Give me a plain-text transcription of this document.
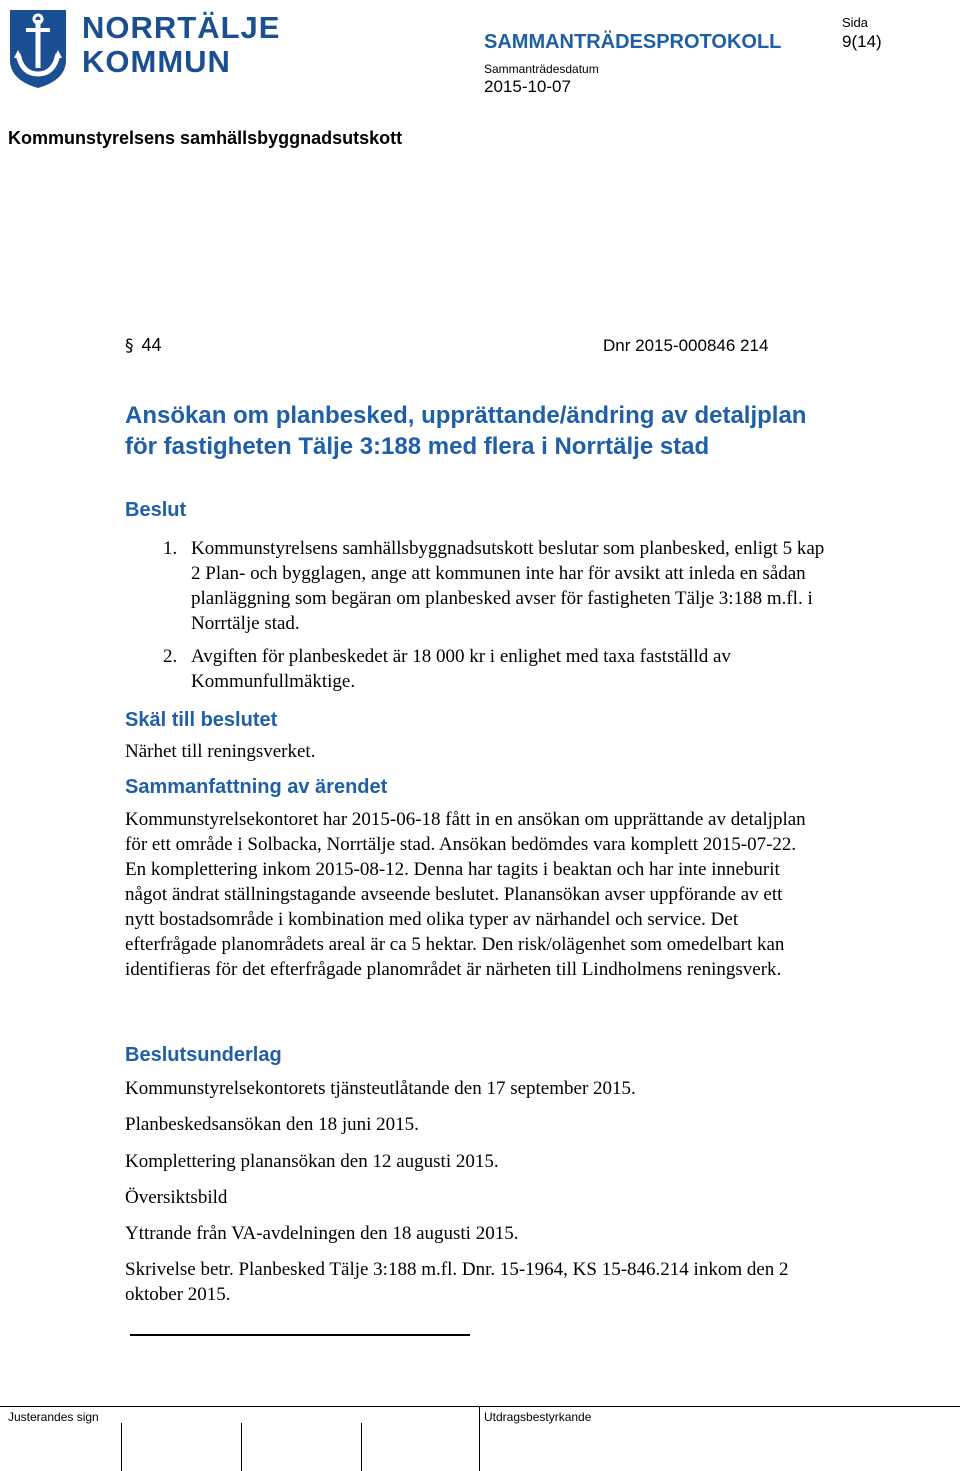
NORRTÄLJE
KOMMUN
SAMMANTRÄDESPROTOKOLL
Sida
9(14)
Sammanträdesdatum
2015-10-07
Kommunstyrelsens samhällsbyggnadsutskott
§ 44	Dnr 2015-000846 214
Ansökan om planbesked, upprättande/ändring av detaljplan för fastigheten Tälje 3:188 med flera i Norrtälje stad
Beslut
1. Kommunstyrelsens samhällsbyggnadsutskott beslutar som planbesked, enligt 5 kap 2 Plan- och bygglagen, ange att kommunen inte har för avsikt att inleda en sådan planläggning som begäran om planbesked avser för fastigheten Tälje 3:188 m.fl. i Norrtälje stad.
2. Avgiften för planbeskedet är 18 000 kr i enlighet med taxa fastställd av Kommunfullmäktige.
Skäl till beslutet
Närhet till reningsverket.
Sammanfattning av ärendet
Kommunstyrelsekontoret har 2015-06-18 fått in en ansökan om upprättande av detaljplan för ett område i Solbacka, Norrtälje stad. Ansökan bedömdes vara komplett 2015-07-22. En komplettering inkom 2015-08-12. Denna har tagits i beaktan och har inte inneburit något ändrat ställningstagande avseende beslutet. Planansökan avser uppförande av ett nytt bostadsområde i kombination med olika typer av närhandel och service. Det efterfrågade planområdets areal är ca 5 hektar. Den risk/olägenhet som omedelbart kan identifieras för det efterfrågade planområdet är närheten till Lindholmens reningsverk.
Beslutsunderlag
Kommunstyrelsekontorets tjänsteutlåtande den 17 september 2015.
Planbeskedsansökan den 18 juni 2015.
Komplettering planansökan den 12 augusti 2015.
Översiktsbild
Yttrande från VA-avdelningen den 18 augusti 2015.
Skrivelse betr. Planbesked Tälje 3:188 m.fl. Dnr. 15-1964, KS 15-846.214 inkom den 2 oktober 2015.
Justerandes sign	Utdragsbestyrkande
